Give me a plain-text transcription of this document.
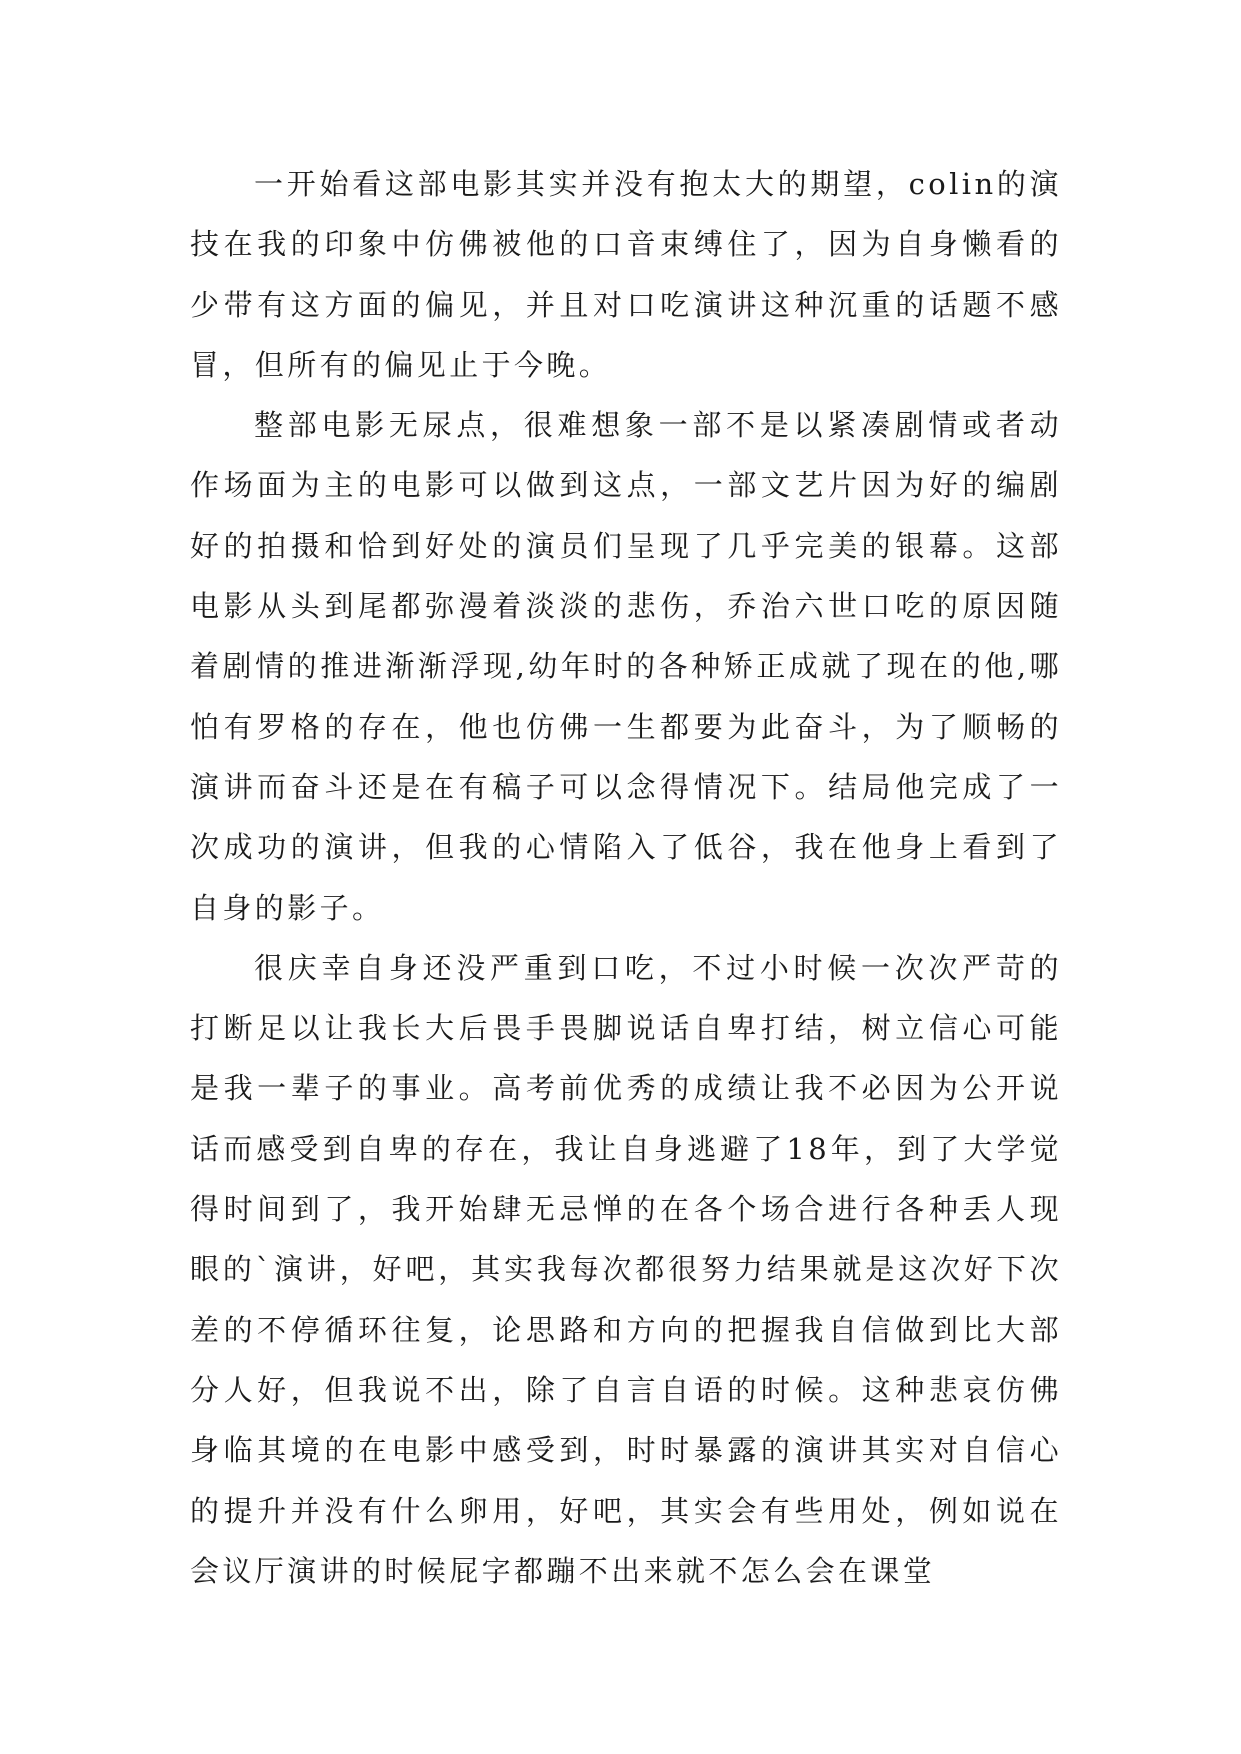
一开始看这部电影其实并没有抱太大的期望，colin的演技在我的印象中仿佛被他的口音束缚住了，因为自身懒看的少带有这方面的偏见，并且对口吃演讲这种沉重的话题不感冒，但所有的偏见止于今晚。

整部电影无尿点，很难想象一部不是以紧凑剧情或者动作场面为主的电影可以做到这点，一部文艺片因为好的编剧好的拍摄和恰到好处的演员们呈现了几乎完美的银幕。这部电影从头到尾都弥漫着淡淡的悲伤，乔治六世口吃的原因随着剧情的推进渐渐浮现,幼年时的各种矫正成就了现在的他,哪怕有罗格的存在，他也仿佛一生都要为此奋斗，为了顺畅的演讲而奋斗还是在有稿子可以念得情况下。结局他完成了一次成功的演讲，但我的心情陷入了低谷，我在他身上看到了自身的影子。

很庆幸自身还没严重到口吃，不过小时候一次次严苛的打断足以让我长大后畏手畏脚说话自卑打结，树立信心可能是我一辈子的事业。高考前优秀的成绩让我不必因为公开说话而感受到自卑的存在，我让自身逃避了18年，到了大学觉得时间到了，我开始肆无忌惮的在各个场合进行各种丢人现眼的`演讲，好吧，其实我每次都很努力结果就是这次好下次差的不停循环往复，论思路和方向的把握我自信做到比大部分人好，但我说不出，除了自言自语的时候。这种悲哀仿佛身临其境的在电影中感受到，时时暴露的演讲其实对自信心的提升并没有什么卵用，好吧，其实会有些用处，例如说在会议厅演讲的时候屁字都蹦不出来就不怎么会在课堂
